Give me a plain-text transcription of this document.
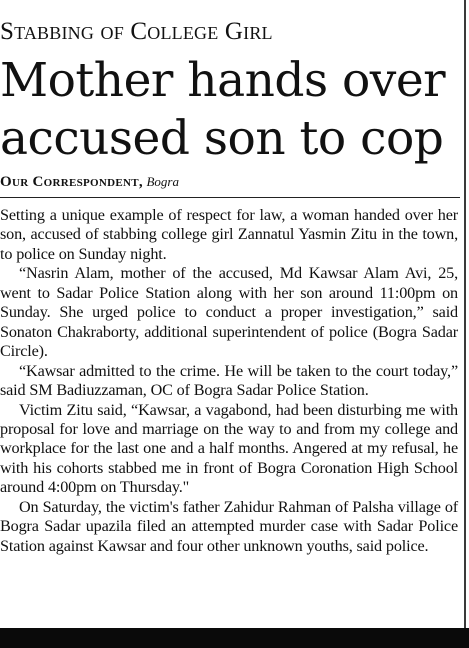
Stabbing of College Girl
Mother hands over
accused son to cop
Our Correspondent, Bogra

Setting a unique example of respect for law, a woman handed over her son, accused of stabbing college girl Zannatul Yasmin Zitu in the town, to police on Sunday night.

“Nasrin Alam, mother of the accused, Md Kawsar Alam Avi, 25, went to Sadar Police Station along with her son around 11:00pm on Sunday. She urged police to conduct a proper investigation,” said Sonaton Chakraborty, additional superintendent of police (Bogra Sadar Circle).

“Kawsar admitted to the crime. He will be taken to the court today,” said SM Badiuzzaman, OC of Bogra Sadar Police Station.

Victim Zitu said, “Kawsar, a vagabond, had been disturbing me with proposal for love and marriage on the way to and from my college and workplace for the last one and a half months. Angered at my refusal, he with his cohorts stabbed me in front of Bogra Coronation High School around 4:00pm on Thursday."

On Saturday, the victim's father Zahidur Rahman of Palsha village of Bogra Sadar upazila filed an attempted murder case with Sadar Police Station against Kawsar and four other unknown youths, said police.
